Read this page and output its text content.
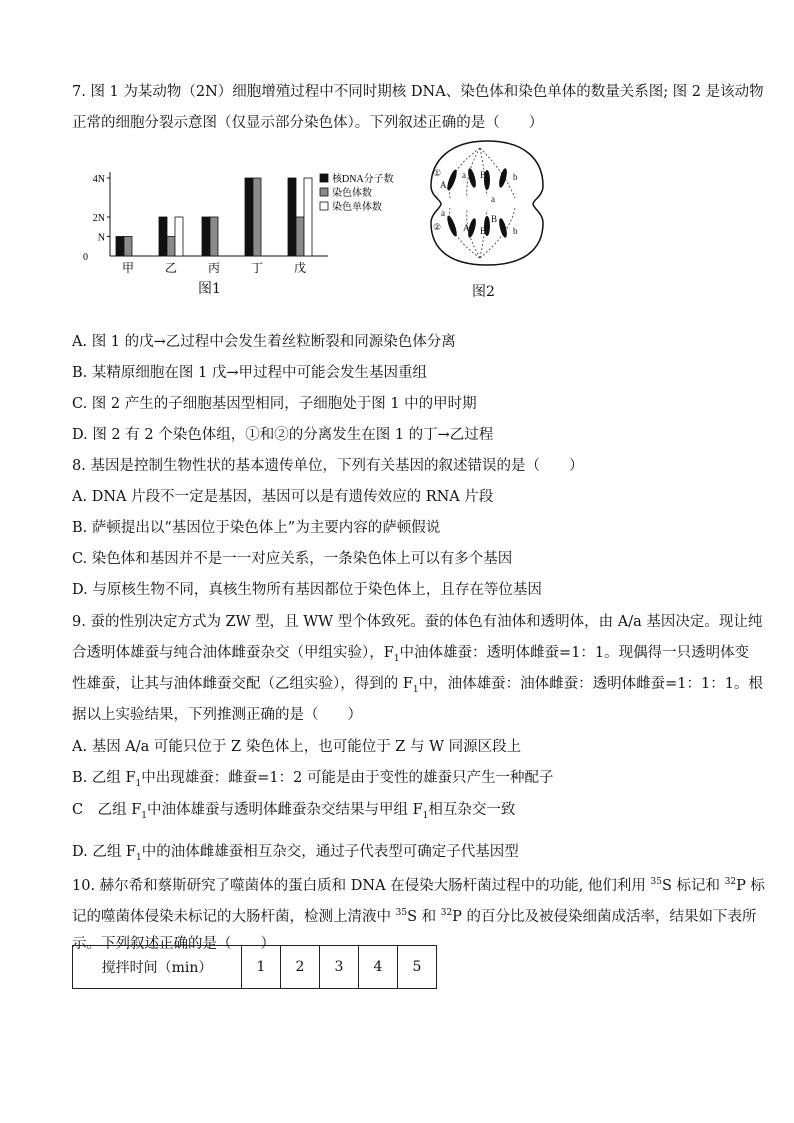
7. 图 1 为某动物（2N）细胞增殖过程中不同时期核 DNA、染色体和染色单体的数量关系图; 图 2 是该动物

正常的细胞分裂示意图（仅显示部分染色体）。下列叙述正确的是（　　）

4N
2N
N
0
甲	乙	丙	丁	戊
核DNA分子数
染色体数
染色单体数
图1
①
A
a B	b
a
② A
a
B	b
B
图2

A. 图 1 的戊→乙过程中会发生着丝粒断裂和同源染色体分离

B. 某精原细胞在图 1 戊→甲过程中可能会发生基因重组

C. 图 2 产生的子细胞基因型相同，子细胞处于图 1 中的甲时期

D. 图 2 有 2 个染色体组，①和②的分离发生在图 1 的丁→乙过程

8. 基因是控制生物性状的基本遗传单位，下列有关基因的叙述错误的是（　　）

A. DNA 片段不一定是基因，基因可以是有遗传效应的 RNA 片段

B. 萨顿提出以“基因位于染色体上”为主要内容的萨顿假说

C. 染色体和基因并不是一一对应关系，一条染色体上可以有多个基因

D. 与原核生物不同，真核生物所有基因都位于染色体上，且存在等位基因

9. 蚕的性别决定方式为 ZW 型，且 WW 型个体致死。蚕的体色有油体和透明体，由 A/a 基因决定。现让纯

合透明体雄蚕与纯合油体雌蚕杂交（甲组实验），$F_1$中油体雄蚕：透明体雌蚕=1：1。现偶得一只透明体变

性雄蚕，让其与油体雌蚕交配（乙组实验），得到的 $F_1$中，油体雄蚕：油体雌蚕：透明体雌蚕=1：1：1。根

据以上实验结果，下列推测正确的是（　　）

A. 基因 A/a 可能只位于 Z 染色体上，也可能位于 Z 与 W 同源区段上

B. 乙组 $F_1$中出现雄蚕：雌蚕=1：2 可能是由于变性的雄蚕只产生一种配子

C　乙组 $F_1$中油体雄蚕与透明体雌蚕杂交结果与甲组 $F_1$相互杂交一致

D. 乙组 $F_1$中的油体雌雄蚕相互杂交，通过子代表型可确定子代基因型

10. 赫尔希和蔡斯研究了噬菌体的蛋白质和 DNA 在侵染大肠杆菌过程中的功能, 他们利用 $^{35}$S 标记和 $^{32}$P 标

记的噬菌体侵染未标记的大肠杆菌，检测上清液中 $^{35}$S 和 $^{32}$P 的百分比及被侵染细菌成活率，结果如下表所

示。下列叙述正确的是（　　）

搅拌时间（min）	1	2	3	4	5
